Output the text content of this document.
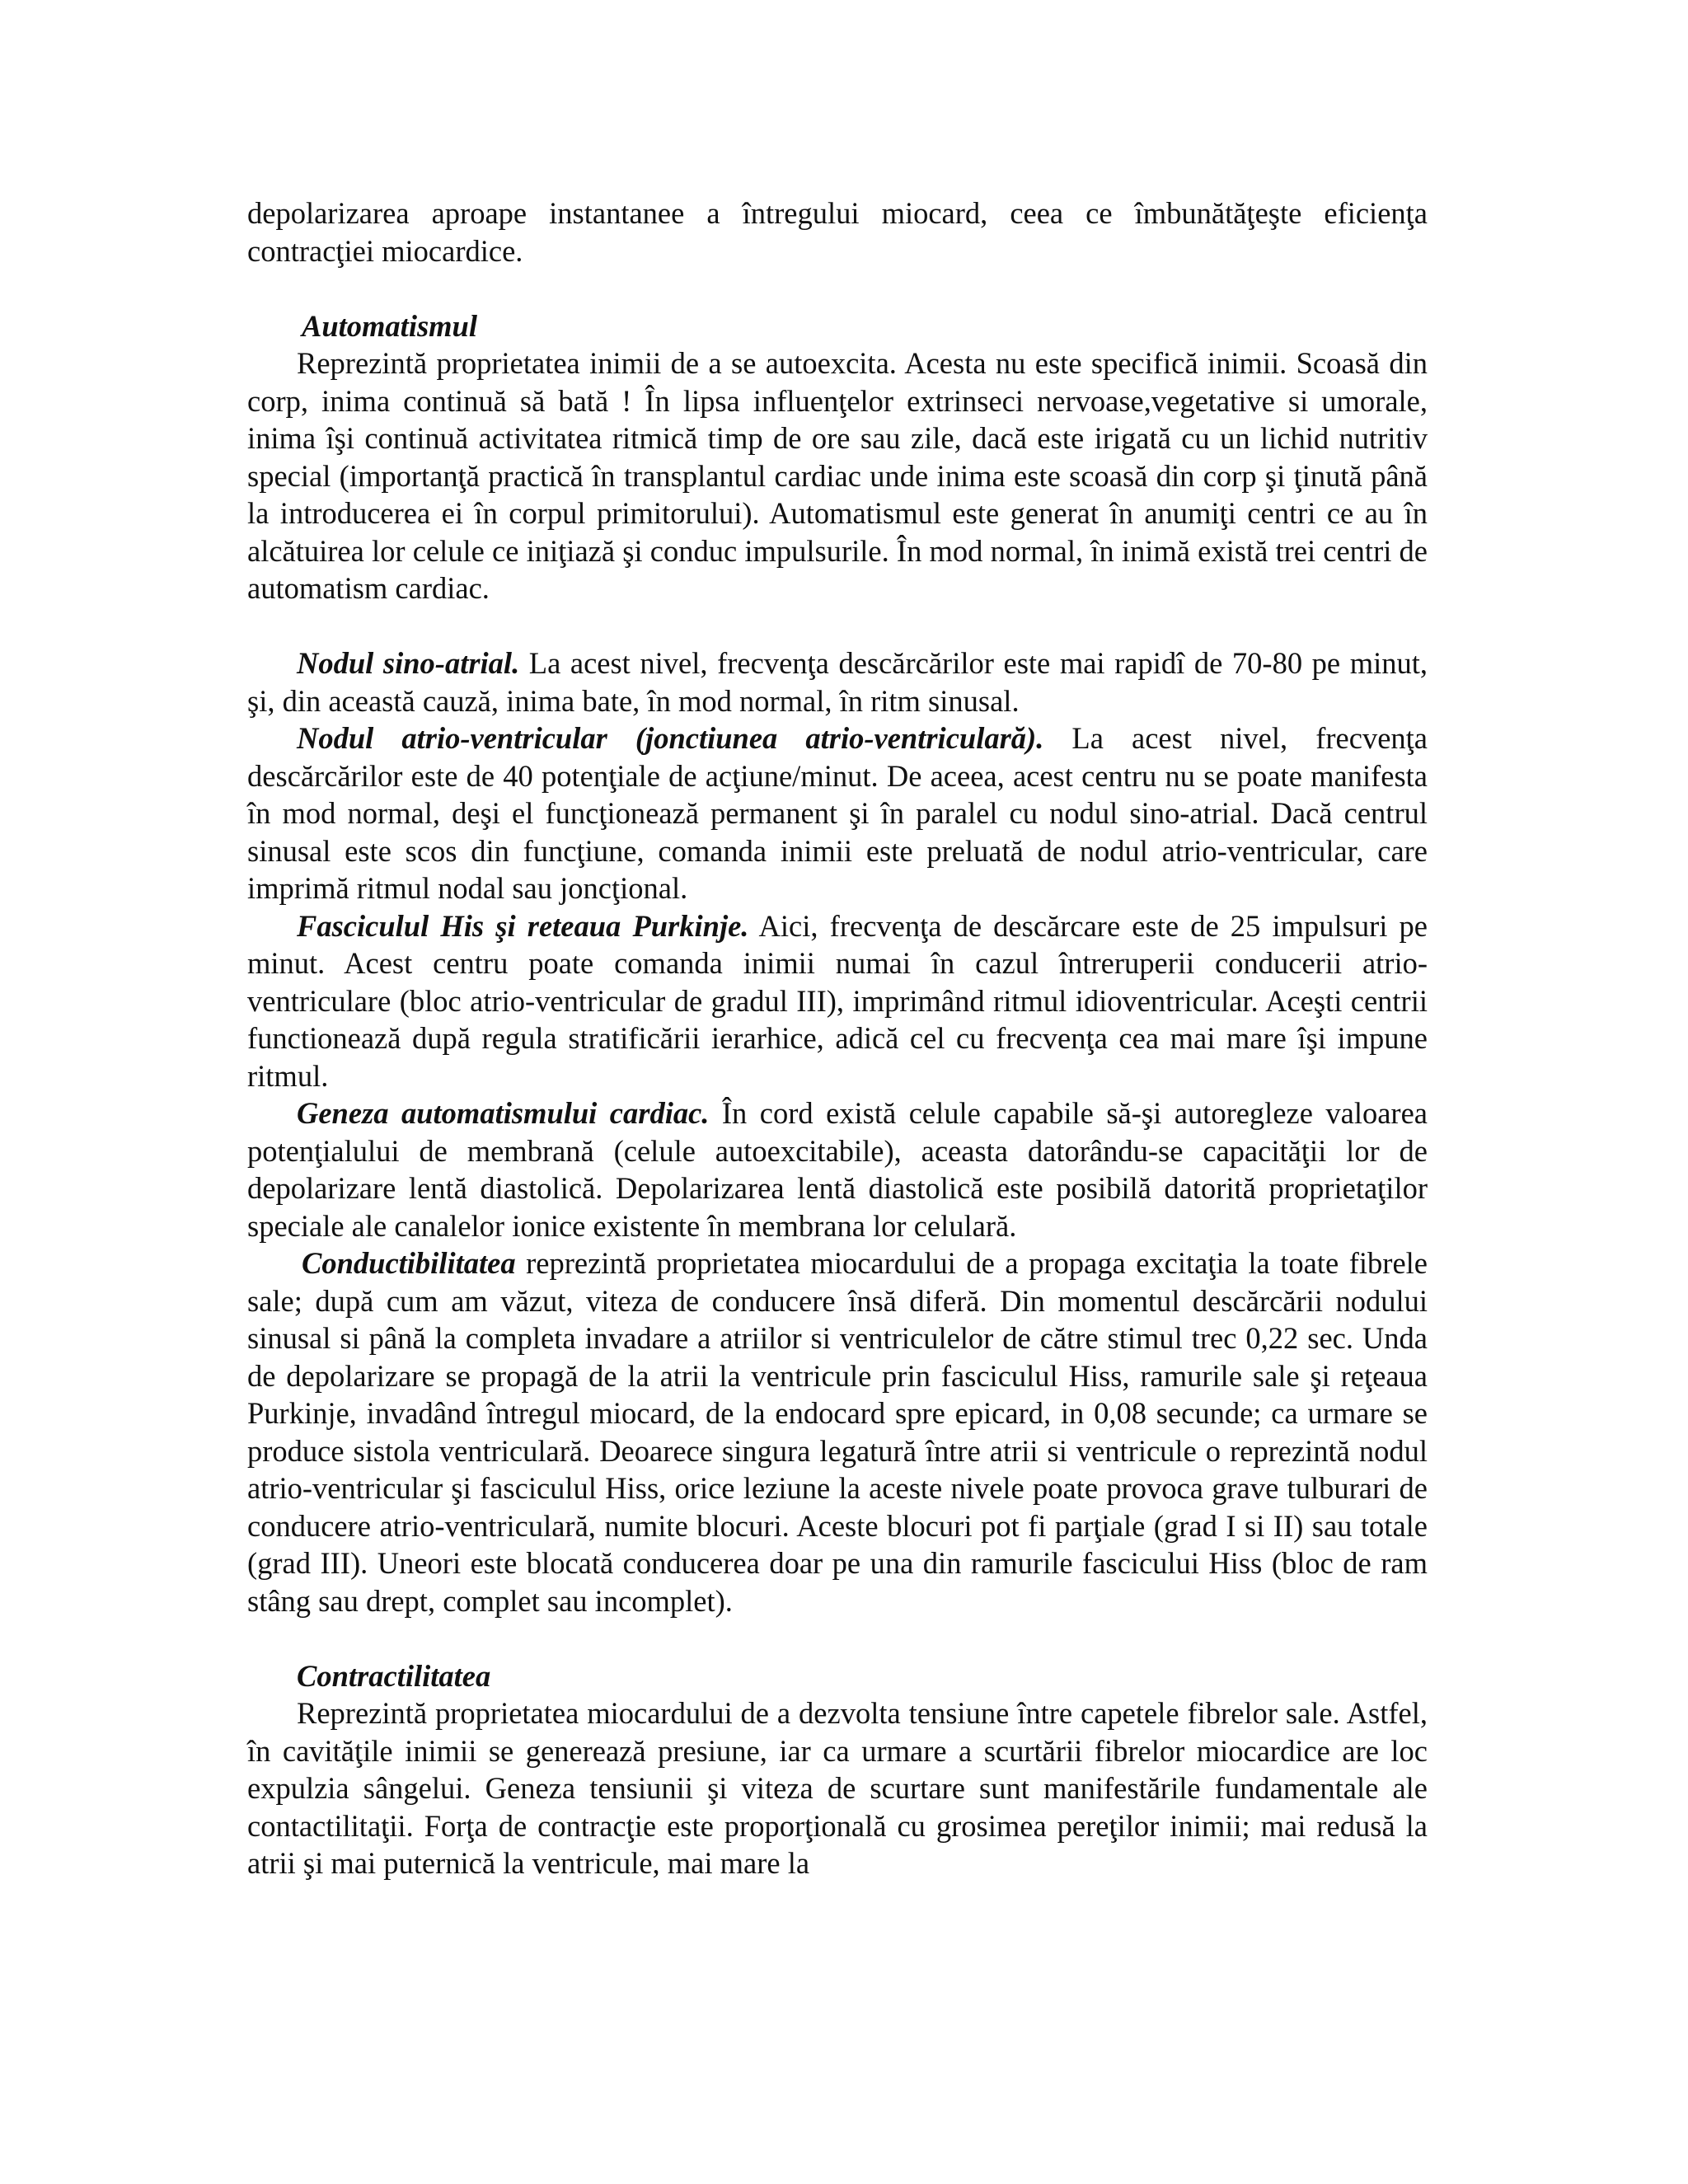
depolarizarea aproape instantanee a întregului miocard, ceea ce îmbunătăţeşte eficienţa contracţiei miocardice.

Automatismul

Reprezintă proprietatea inimii de a se autoexcita. Acesta nu este specifică inimii. Scoasă din corp, inima continuă să bată ! În lipsa influenţelor extrinseci nervoase,vegetative si umorale, inima îşi continuă activitatea ritmică timp de ore sau zile, dacă este irigată cu un lichid nutritiv special (importanţă practică în transplantul cardiac unde inima este scoasă din corp şi ţinută până la introducerea ei în corpul primitorului). Automatismul este generat în anumiţi centri ce au în alcătuirea lor celule ce iniţiază şi conduc impulsurile. În mod normal, în inimă există trei centri de automatism cardiac.

Nodul sino-atrial. La acest nivel, frecvenţa descărcărilor este mai rapidî de 70-80 pe minut, şi, din această cauză, inima bate, în mod normal, în ritm sinusal.

Nodul atrio-ventricular (jonctiunea atrio-ventriculară). La acest nivel, frecvenţa descărcărilor este de 40 potenţiale de acţiune/minut. De aceea, acest centru nu se poate manifesta în mod normal, deşi el funcţionează permanent şi în paralel cu nodul sino-atrial. Dacă centrul sinusal este scos din funcţiune, comanda inimii este preluată de nodul atrio-ventricular, care imprimă ritmul nodal sau joncţional.

Fasciculul His şi reteaua Purkinje. Aici, frecvenţa de descărcare este de 25 impulsuri pe minut. Acest centru poate comanda inimii numai în cazul întreruperii conducerii atrio-ventriculare (bloc atrio-ventricular de gradul III), imprimând ritmul idioventricular. Aceşti centrii functionează după regula stratificării ierarhice, adică cel cu frecvenţa cea mai mare îşi impune ritmul.

Geneza automatismului cardiac. În cord există celule capabile să-şi autoregleze valoarea potenţialului de membrană (celule autoexcitabile), aceasta datorându-se capacităţii lor de depolarizare lentă diastolică. Depolarizarea lentă diastolică este posibilă datorită proprietaţilor speciale ale canalelor ionice existente în membrana lor celulară.

Conductibilitatea reprezintă proprietatea miocardului de a propaga excitaţia la toate fibrele sale; după cum am văzut, viteza de conducere însă diferă. Din momentul descărcării nodului sinusal si până la completa invadare a atriilor si ventriculelor de către stimul trec 0,22 sec. Unda de depolarizare se propagă de la atrii la ventricule prin fasciculul Hiss, ramurile sale şi reţeaua Purkinje, invadând întregul miocard, de la endocard spre epicard, in 0,08 secunde; ca urmare se produce sistola ventriculară. Deoarece singura legatură între atrii si ventricule o reprezintă nodul atrio-ventricular şi fasciculul Hiss, orice leziune la aceste nivele poate provoca grave tulburari de conducere atrio-ventriculară, numite blocuri. Aceste blocuri pot fi parţiale (grad I si II) sau totale (grad III). Uneori este blocată conducerea doar pe una din ramurile fascicului Hiss (bloc de ram stâng sau drept, complet sau incomplet).

Contractilitatea

Reprezintă proprietatea miocardului de a dezvolta tensiune între capetele fibrelor sale. Astfel, în cavităţile inimii se generează presiune, iar ca urmare a scurtării fibrelor miocardice are loc expulzia sângelui. Geneza tensiunii şi viteza de scurtare sunt manifestările fundamentale ale contactilitaţii. Forţa de contracţie este proporţională cu grosimea pereţilor inimii; mai redusă la atrii şi mai puternică la ventricule, mai mare la
